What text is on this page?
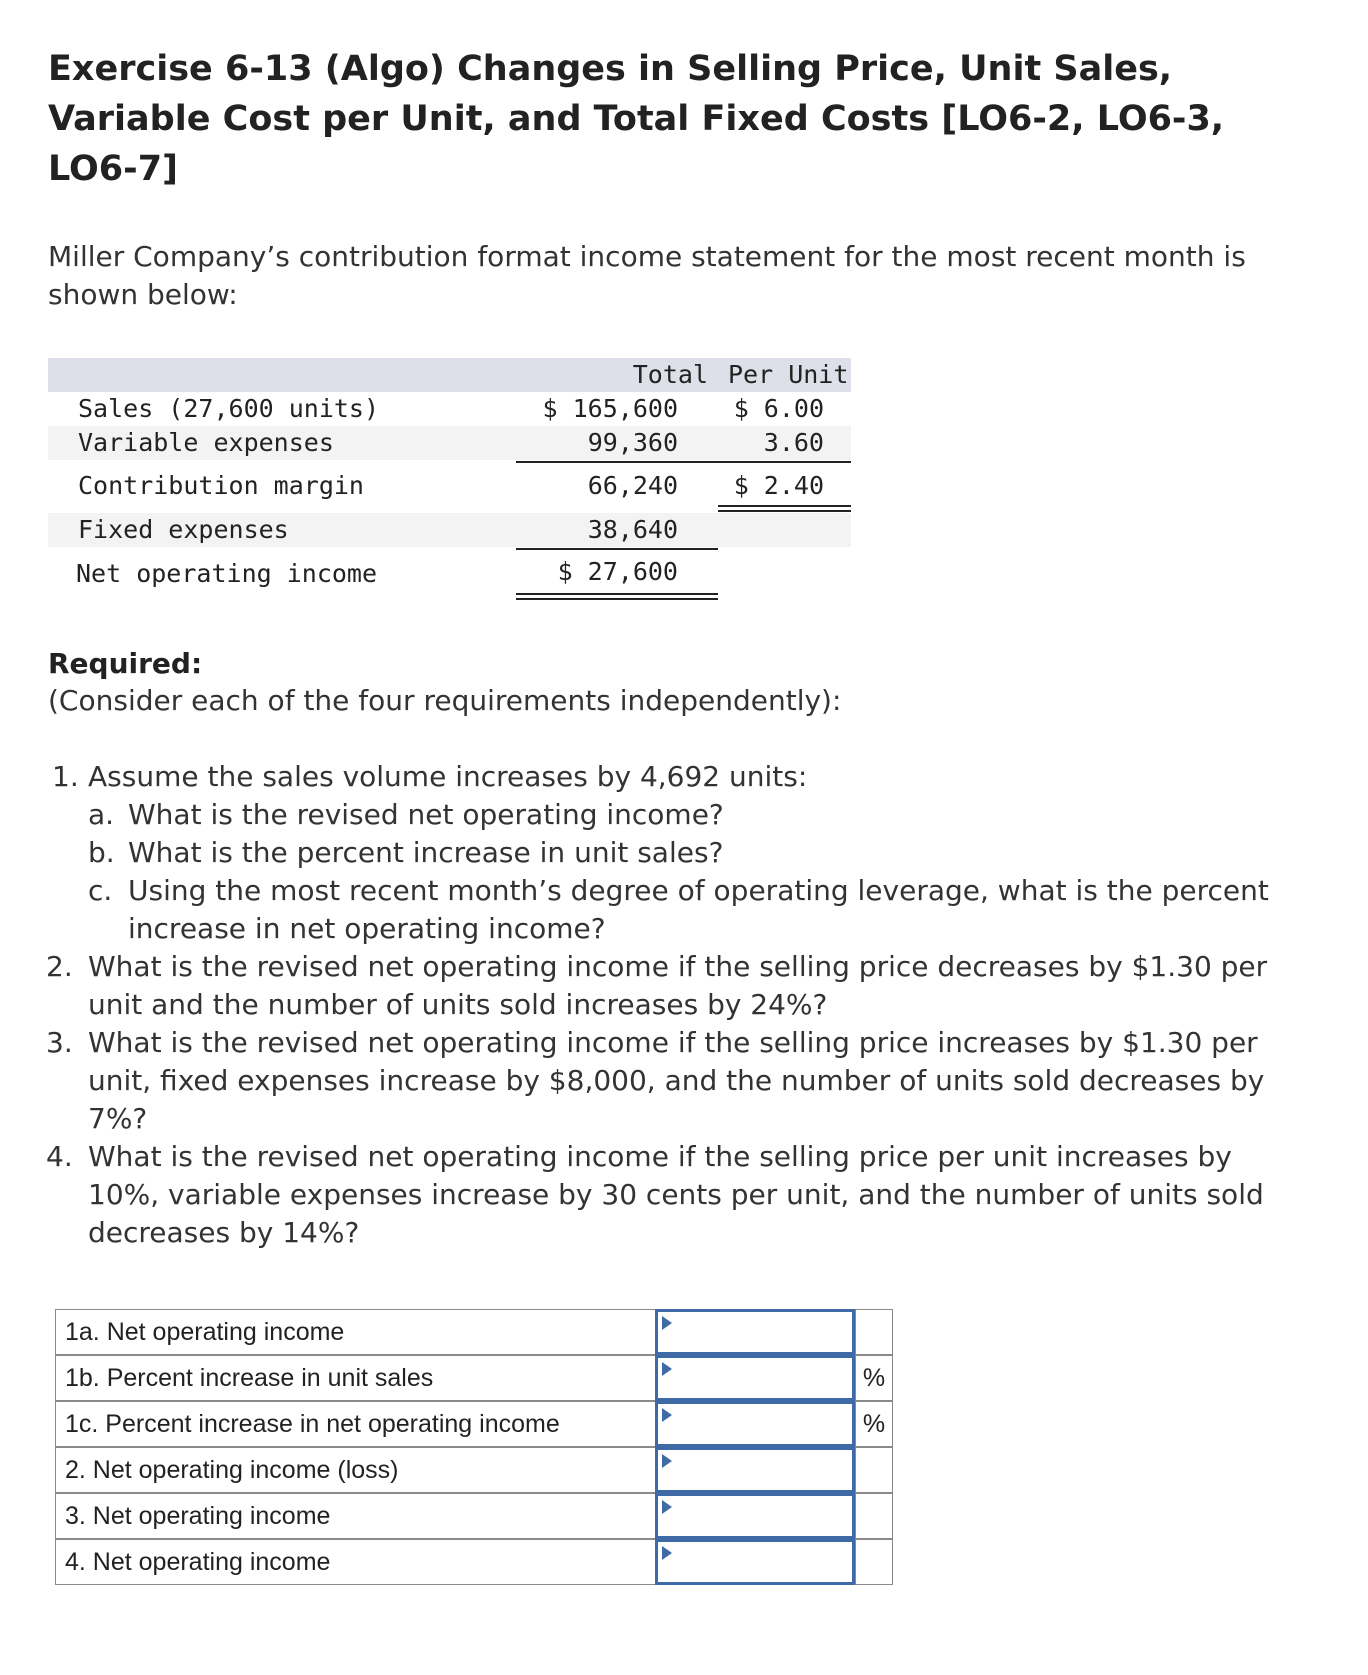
Exercise 6-13 (Algo) Changes in Selling Price, Unit Sales, Variable Cost per Unit, and Total Fixed Costs [LO6-2, LO6-3, LO6-7]

Miller Company’s contribution format income statement for the most recent month is shown below:

Total Per Unit
Sales (27,600 units)	$ 165,600	$ 6.00
Variable expenses	99,360	3.60
Contribution margin	66,240	$ 2.40
Fixed expenses	38,640
Net operating income	$ 27,600

Required:

(Consider each of the four requirements independently):

1. Assume the sales volume increases by 4,692 units:
a. What is the revised net operating income?
b. What is the percent increase in unit sales?
c. Using the most recent month’s degree of operating leverage, what is the percent
increase in net operating income?
2. What is the revised net operating income if the selling price decreases by $1.30 per
unit and the number of units sold increases by 24%?
3. What is the revised net operating income if the selling price increases by $1.30 per
unit, fixed expenses increase by $8,000, and the number of units sold decreases by
7%?
4. What is the revised net operating income if the selling price per unit increases by
10%, variable expenses increase by 30 cents per unit, and the number of units sold
decreases by 14%?
1a. Net operating income
1b. Percent increase in unit sales	%
1c. Percent increase in net operating income	%
2. Net operating income (loss)
3. Net operating income
4. Net operating income
